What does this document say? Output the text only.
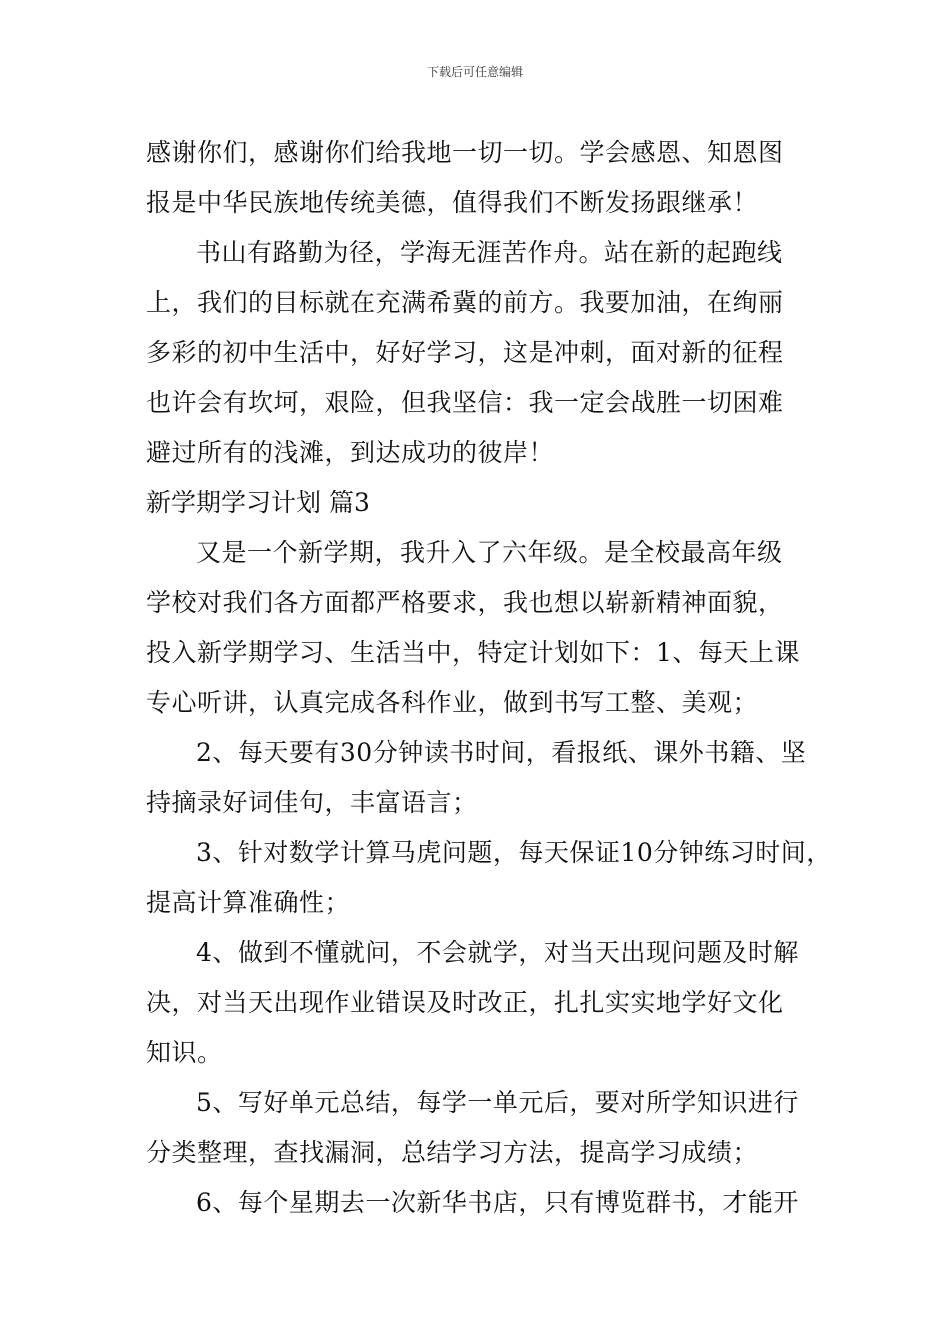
下载后可任意编辑
感谢你们，感谢你们给我地一切一切。学会感恩、知恩图
报是中华民族地传统美德，值得我们不断发扬跟继承！
书山有路勤为径，学海无涯苦作舟。站在新的起跑线
上，我们的目标就在充满希冀的前方。我要加油，在绚丽
多彩的初中生活中，好好学习，这是冲刺，面对新的征程
也许会有坎坷，艰险，但我坚信：我一定会战胜一切困难
避过所有的浅滩，到达成功的彼岸！
新学期学习计划 篇3
又是一个新学期，我升入了六年级。是全校最高年级
学校对我们各方面都严格要求，我也想以崭新精神面貌，
投入新学期学习、生活当中，特定计划如下：1、每天上课
专心听讲，认真完成各科作业，做到书写工整、美观；
2、每天要有30分钟读书时间，看报纸、课外书籍、坚
持摘录好词佳句，丰富语言；
3、针对数学计算马虎问题，每天保证10分钟练习时间，
提高计算准确性；
4、做到不懂就问，不会就学，对当天出现问题及时解
决，对当天出现作业错误及时改正，扎扎实实地学好文化
知识。
5、写好单元总结，每学一单元后，要对所学知识进行
分类整理，查找漏洞，总结学习方法，提高学习成绩；
6、每个星期去一次新华书店，只有博览群书，才能开
